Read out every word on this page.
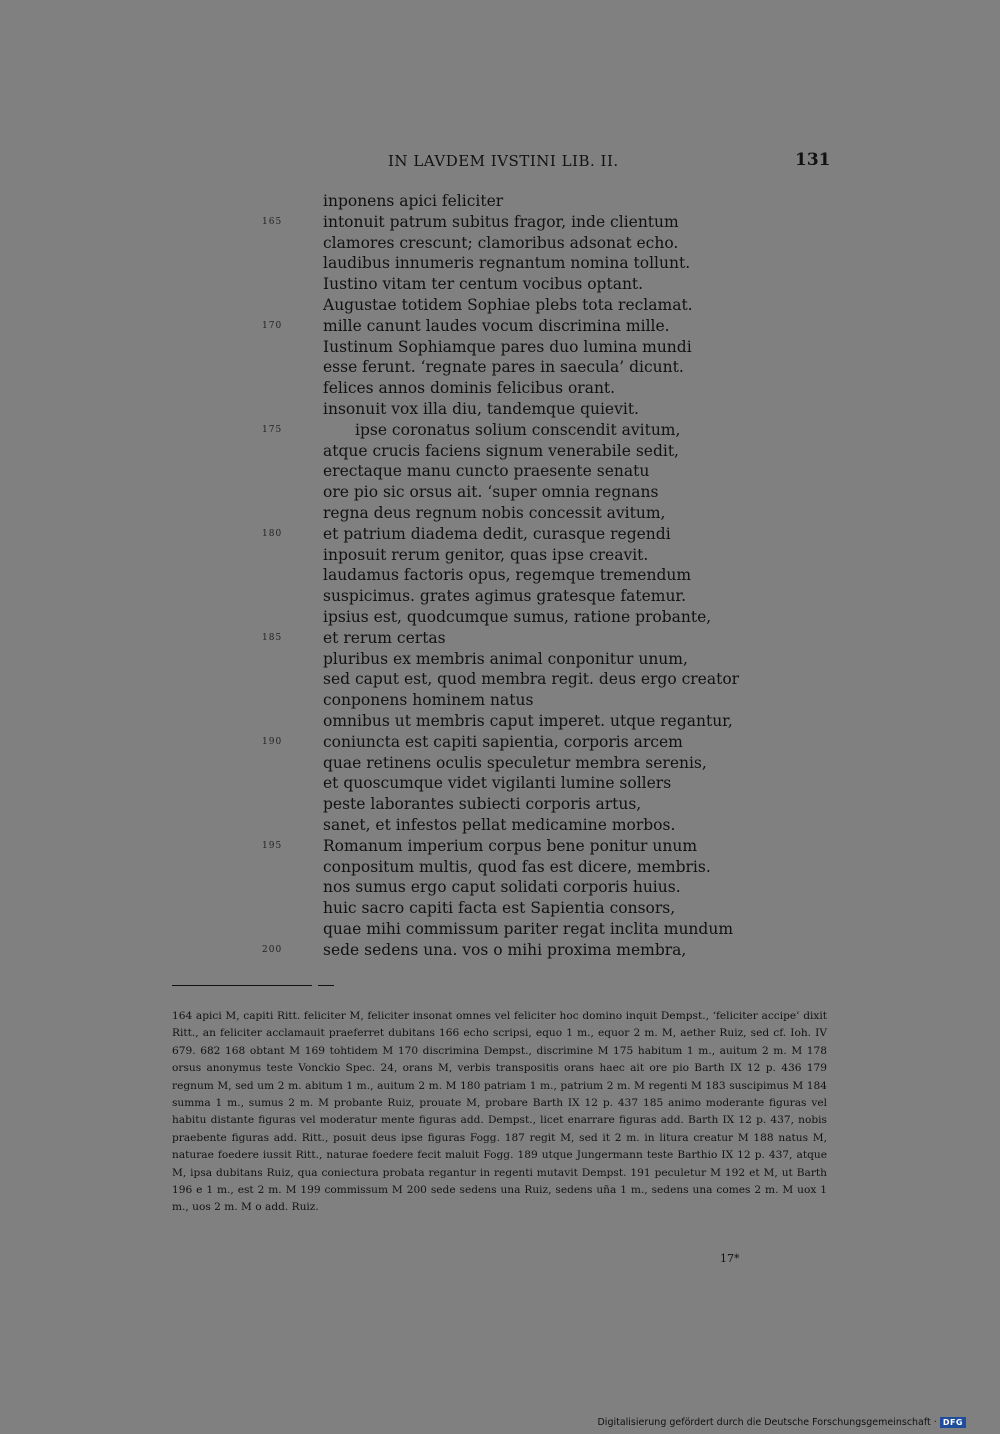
IN LAVDEM IVSTINI LIB. II.	131
inponens apici feliciter
165	intonuit patrum subitus fragor, inde clientum
clamores crescunt; clamoribus adsonat echo.
laudibus innumeris regnantum nomina tollunt.
Iustino vitam ter centum vocibus optant.
Augustae totidem Sophiae plebs tota reclamat.
170	mille canunt laudes vocum discrimina mille.
Iustinum Sophiamque pares duo lumina mundi
esse ferunt. ‘regnate pares in saecula’ dicunt.
felices annos dominis felicibus orant.
insonuit vox illa diu, tandemque quievit.
175	ipse coronatus solium conscendit avitum,
atque crucis faciens signum venerabile sedit,
erectaque manu cuncto praesente senatu
ore pio sic orsus ait. ‘super omnia regnans
regna deus regnum nobis concessit avitum,
180	et patrium diadema dedit, curasque regendi
inposuit rerum genitor, quas ipse creavit.
laudamus factoris opus, regemque tremendum
suspicimus. grates agimus gratesque fatemur.
ipsius est, quodcumque sumus, ratione probante,
185	et rerum certas
pluribus ex membris animal conponitur unum,
sed caput est, quod membra regit. deus ergo creator
conponens hominem natus
omnibus ut membris caput imperet. utque regantur,
190	coniuncta est capiti sapientia, corporis arcem
quae retinens oculis speculetur membra serenis,
et quoscumque videt vigilanti lumine sollers
peste laborantes subiecti corporis artus,
sanet, et infestos pellat medicamine morbos.
195	Romanum imperium corpus bene ponitur unum
conpositum multis, quod fas est dicere, membris.
nos sumus ergo caput solidati corporis huius.
huic sacro capiti facta est Sapientia consors,
quae mihi commissum pariter regat inclita mundum
200	sede sedens una. vos o mihi proxima membra,

164 apici M, capiti Ritt. feliciter M, feliciter insonat omnes vel feliciter hoc domino inquit Dempst., ‘feliciter accipe’ dixit Ritt., an feliciter acclamauit praeferret dubitans 166 echo scripsi, equo 1 m., equor 2 m. M, aether Ruiz, sed cf. Ioh. IV 679. 682 168 obtant M 169 tohtidem M 170 discrimina Dempst., discrimine M 175 habitum 1 m., auitum 2 m. M 178 orsus anonymus teste Vonckio Spec. 24, orans M, verbis transpositis orans haec ait ore pio Barth IX 12 p. 436 179 regnum M, sed um 2 m. abitum 1 m., auitum 2 m. M 180 patriam 1 m., patrium 2 m. M regenti M 183 suscipimus M 184 summa 1 m., sumus 2 m. M probante Ruiz, prouate M, probare Barth IX 12 p. 437 185 animo moderante figuras vel habitu distante figuras vel moderatur mente figuras add. Dempst., licet enarrare figuras add. Barth IX 12 p. 437, nobis praebente figuras add. Ritt., posuit deus ipse figuras Fogg. 187 regit M, sed it 2 m. in litura creatur M 188 natus M, naturae foedere iussit Ritt., naturae foedere fecit maluit Fogg. 189 utque Jungermann teste Barthio IX 12 p. 437, atque M, ipsa dubitans Ruiz, qua coniectura probata regantur in regenti mutavit Dempst. 191 peculetur M 192 et M, ut Barth 196 e 1 m., est 2 m. M 199 commissum M 200 sede sedens una Ruiz, sedens uña 1 m., sedens una comes 2 m. M uox 1 m., uos 2 m. M o add. Ruiz.

17*
Digitalisierung gefördert durch die Deutsche Forschungsgemeinschaft · DFG
